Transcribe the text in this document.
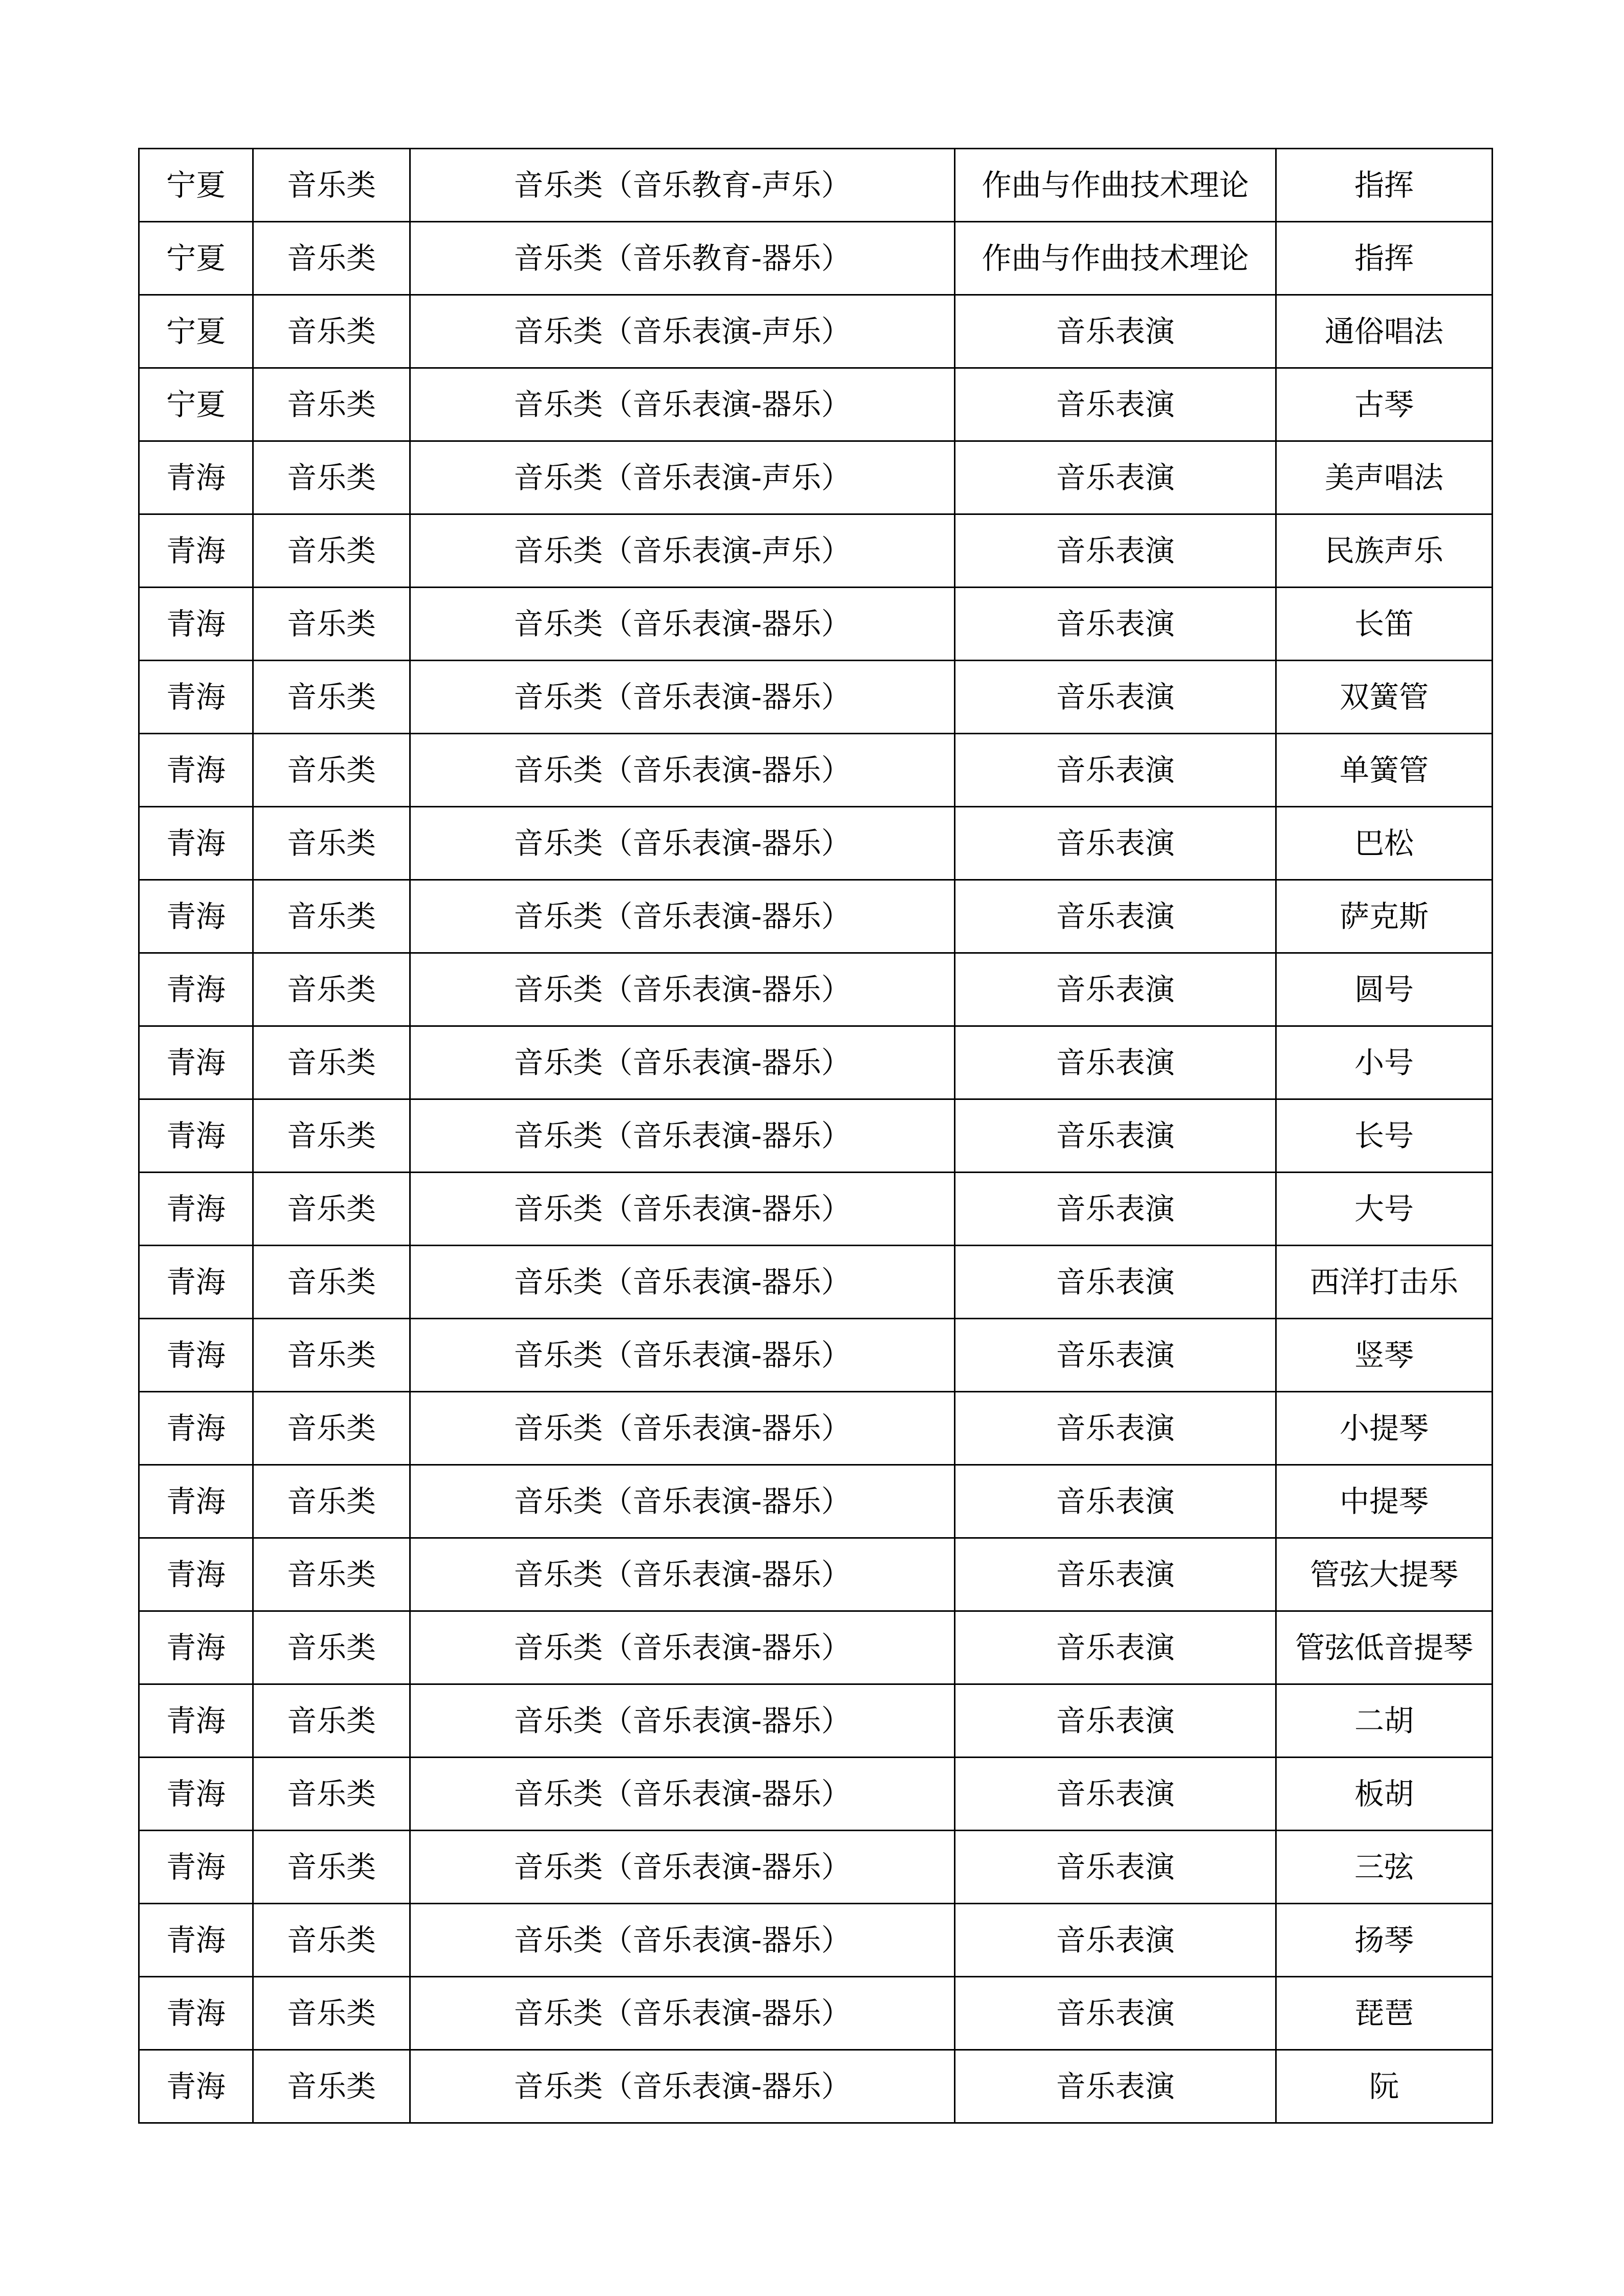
宁夏	音乐类	音乐类（音乐教育-声乐）	作曲与作曲技术理论	指挥
宁夏	音乐类	音乐类（音乐教育-器乐）	作曲与作曲技术理论	指挥
宁夏	音乐类	音乐类（音乐表演-声乐）	音乐表演	通俗唱法
宁夏	音乐类	音乐类（音乐表演-器乐）	音乐表演	古琴
青海	音乐类	音乐类（音乐表演-声乐）	音乐表演	美声唱法
青海	音乐类	音乐类（音乐表演-声乐）	音乐表演	民族声乐
青海	音乐类	音乐类（音乐表演-器乐）	音乐表演	长笛
青海	音乐类	音乐类（音乐表演-器乐）	音乐表演	双簧管
青海	音乐类	音乐类（音乐表演-器乐）	音乐表演	单簧管
青海	音乐类	音乐类（音乐表演-器乐）	音乐表演	巴松
青海	音乐类	音乐类（音乐表演-器乐）	音乐表演	萨克斯
青海	音乐类	音乐类（音乐表演-器乐）	音乐表演	圆号
青海	音乐类	音乐类（音乐表演-器乐）	音乐表演	小号
青海	音乐类	音乐类（音乐表演-器乐）	音乐表演	长号
青海	音乐类	音乐类（音乐表演-器乐）	音乐表演	大号
青海	音乐类	音乐类（音乐表演-器乐）	音乐表演	西洋打击乐
青海	音乐类	音乐类（音乐表演-器乐）	音乐表演	竖琴
青海	音乐类	音乐类（音乐表演-器乐）	音乐表演	小提琴
青海	音乐类	音乐类（音乐表演-器乐）	音乐表演	中提琴
青海	音乐类	音乐类（音乐表演-器乐）	音乐表演	管弦大提琴
青海	音乐类	音乐类（音乐表演-器乐）	音乐表演	管弦低音提琴
青海	音乐类	音乐类（音乐表演-器乐）	音乐表演	二胡
青海	音乐类	音乐类（音乐表演-器乐）	音乐表演	板胡
青海	音乐类	音乐类（音乐表演-器乐）	音乐表演	三弦
青海	音乐类	音乐类（音乐表演-器乐）	音乐表演	扬琴
青海	音乐类	音乐类（音乐表演-器乐）	音乐表演	琵琶
青海	音乐类	音乐类（音乐表演-器乐）	音乐表演	阮
